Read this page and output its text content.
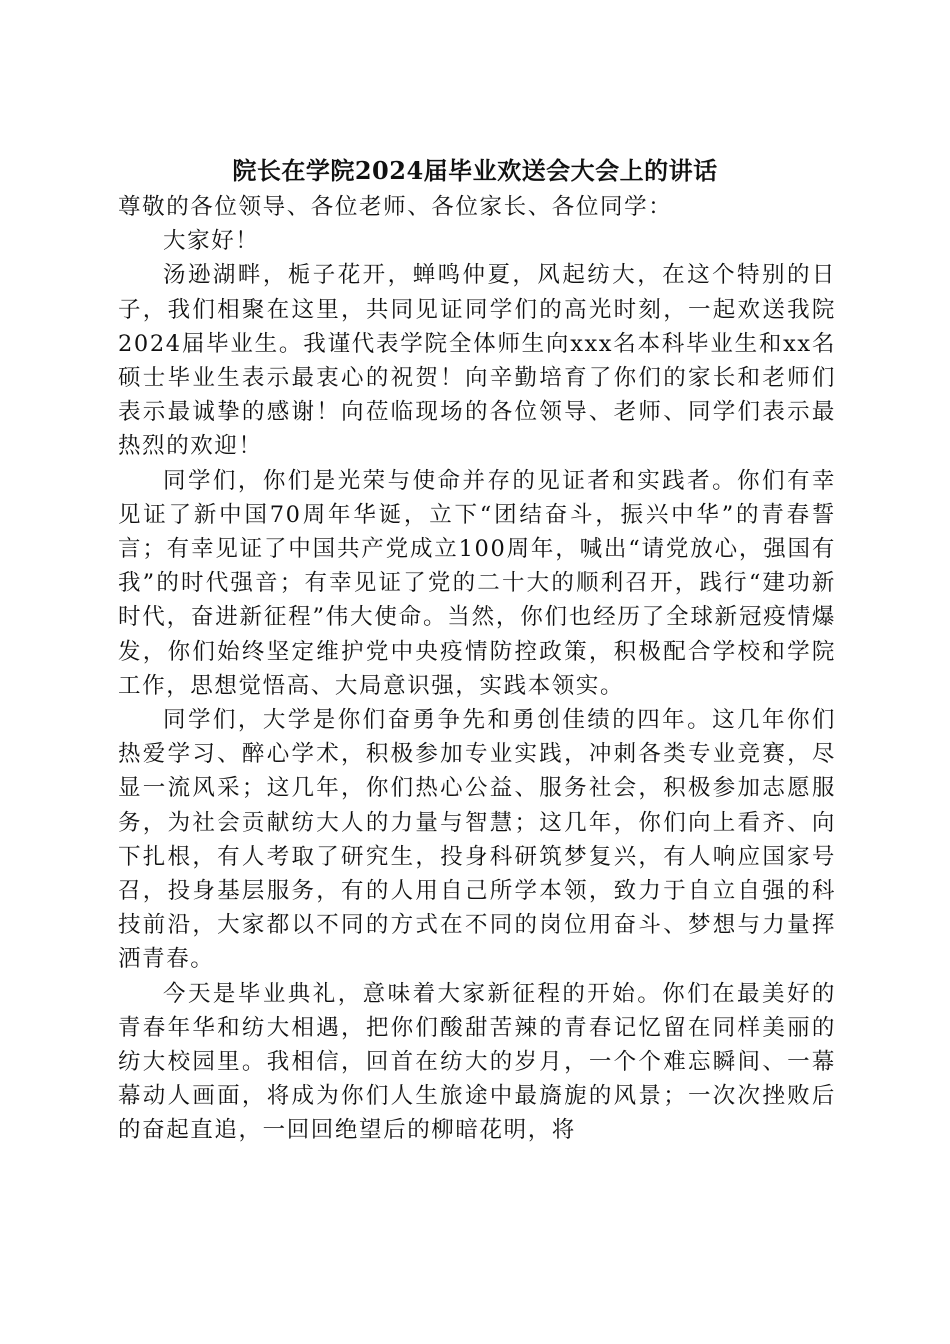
院长在学院2024届毕业欢送会大会上的讲话

尊敬的各位领导、各位老师、各位家长、各位同学：

大家好！

汤逊湖畔，栀子花开，蝉鸣仲夏，风起纺大，在这个特别的日子，我们相聚在这里，共同见证同学们的高光时刻，一起欢送我院2024届毕业生。我谨代表学院全体师生向xxx名本科毕业生和xx名硕士毕业生表示最衷心的祝贺！向辛勤培育了你们的家长和老师们表示最诚挚的感谢！向莅临现场的各位领导、老师、同学们表示最热烈的欢迎！

同学们，你们是光荣与使命并存的见证者和实践者。你们有幸见证了新中国70周年华诞，立下“团结奋斗，振兴中华”的青春誓言；有幸见证了中国共产党成立100周年，喊出“请党放心，强国有我”的时代强音；有幸见证了党的二十大的顺利召开，践行“建功新时代，奋进新征程”伟大使命。当然，你们也经历了全球新冠疫情爆发，你们始终坚定维护党中央疫情防控政策，积极配合学校和学院工作，思想觉悟高、大局意识强，实践本领实。

同学们，大学是你们奋勇争先和勇创佳绩的四年。这几年你们热爱学习、醉心学术，积极参加专业实践，冲刺各类专业竞赛，尽显一流风采；这几年，你们热心公益、服务社会，积极参加志愿服务，为社会贡献纺大人的力量与智慧；这几年，你们向上看齐、向下扎根，有人考取了研究生，投身科研筑梦复兴，有人响应国家号召，投身基层服务，有的人用自己所学本领，致力于自立自强的科技前沿，大家都以不同的方式在不同的岗位用奋斗、梦想与力量挥洒青春。

今天是毕业典礼，意味着大家新征程的开始。你们在最美好的青春年华和纺大相遇，把你们酸甜苦辣的青春记忆留在同样美丽的纺大校园里。我相信，回首在纺大的岁月，一个个难忘瞬间、一幕幕动人画面，将成为你们人生旅途中最旖旎的风景；一次次挫败后的奋起直追，一回回绝望后的柳暗花明，将
